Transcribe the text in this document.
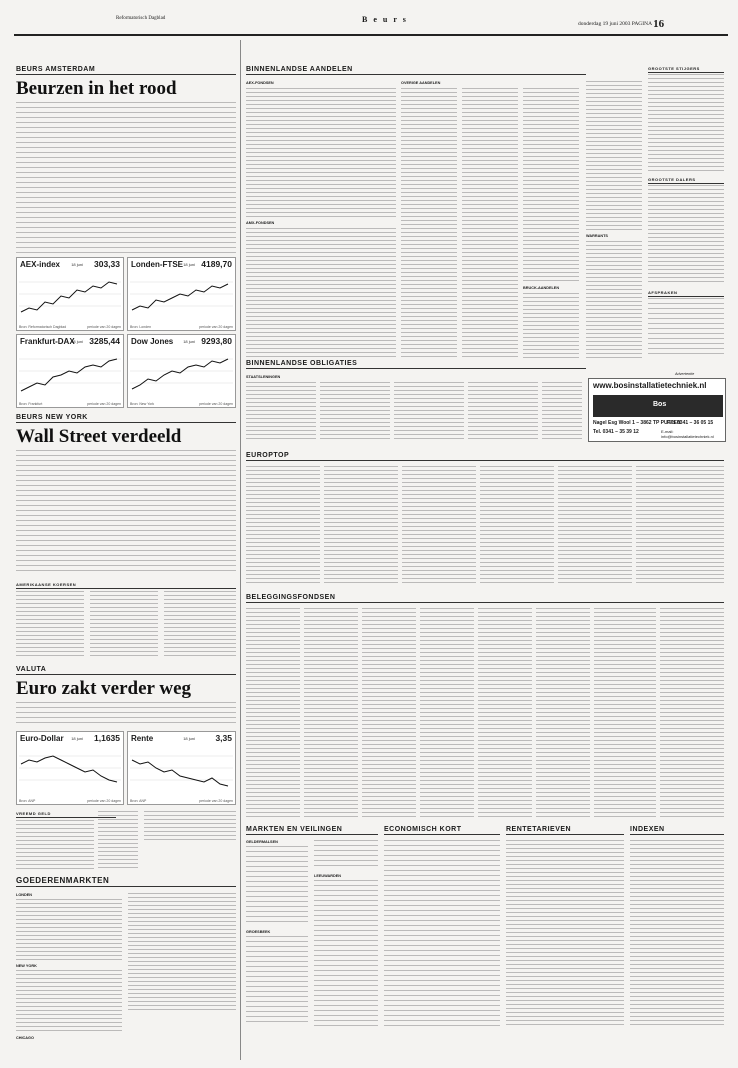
Reformatorisch Dagblad	B e u r s	donderdag 19 juni 2003 PAGINA 16
BEURS AMSTERDAM
Beurzen in het rood
AEX-index	18 juni 303,33
Bron: Reformatorisch Dagblad	periode van 20 dagen
Londen-FTSE 18 juni 4189,70
Bron: Londen	periode van 20 dagen
Frankfurt-DAX
18 juni 3285,44
Bron: Frankfurt	periode van 20 dagen
Dow Jones 18 juni 9293,80
Bron: New York	periode van 20 dagen
BEURS NEW YORK
Wall Street verdeeld
AMERIKAANSE KOERSEN
VALUTA
Euro zakt verder weg
Euro-Dollar 18 juni 1,1635
Bron: ANP	periode van 20 dagen
Rente	18 juni 3,35
Bron: ANP	periode van 20 dagen
VREEMD GELD
GOEDERENMARKTEN
LONDEN
NEW YORK
CHICAGO
BINNENLANDSE AANDELEN
AEX-FONDSEN
AMX-FONDSEN
OVERIGE AANDELEN
BRUCK-AANDELEN
WARRANTS
GROOTSTE STIJGERS
GROOTSTE DALERS
AFSPRAKEN
BINNENLANDSE OBLIGATIES
STAATSLENINGEN
Advertentie
www.bosinstallatietechniek.nl
Bos
Nagel Esg Wool 1 – 3862 TP PUTTEN
Tel. 0341 – 35 39 12
Fax 0341 – 36 05 15
E-mail: info@bosinstallatietechniek.nl
EUROPTOP
BELEGGINGSFONDSEN
MARKTEN EN VEILINGEN
GELDERMALSEN
GROESBEEK
LEEUWARDEN
ECONOMISCH KORT	RENTETARIEVEN	INDEXEN
